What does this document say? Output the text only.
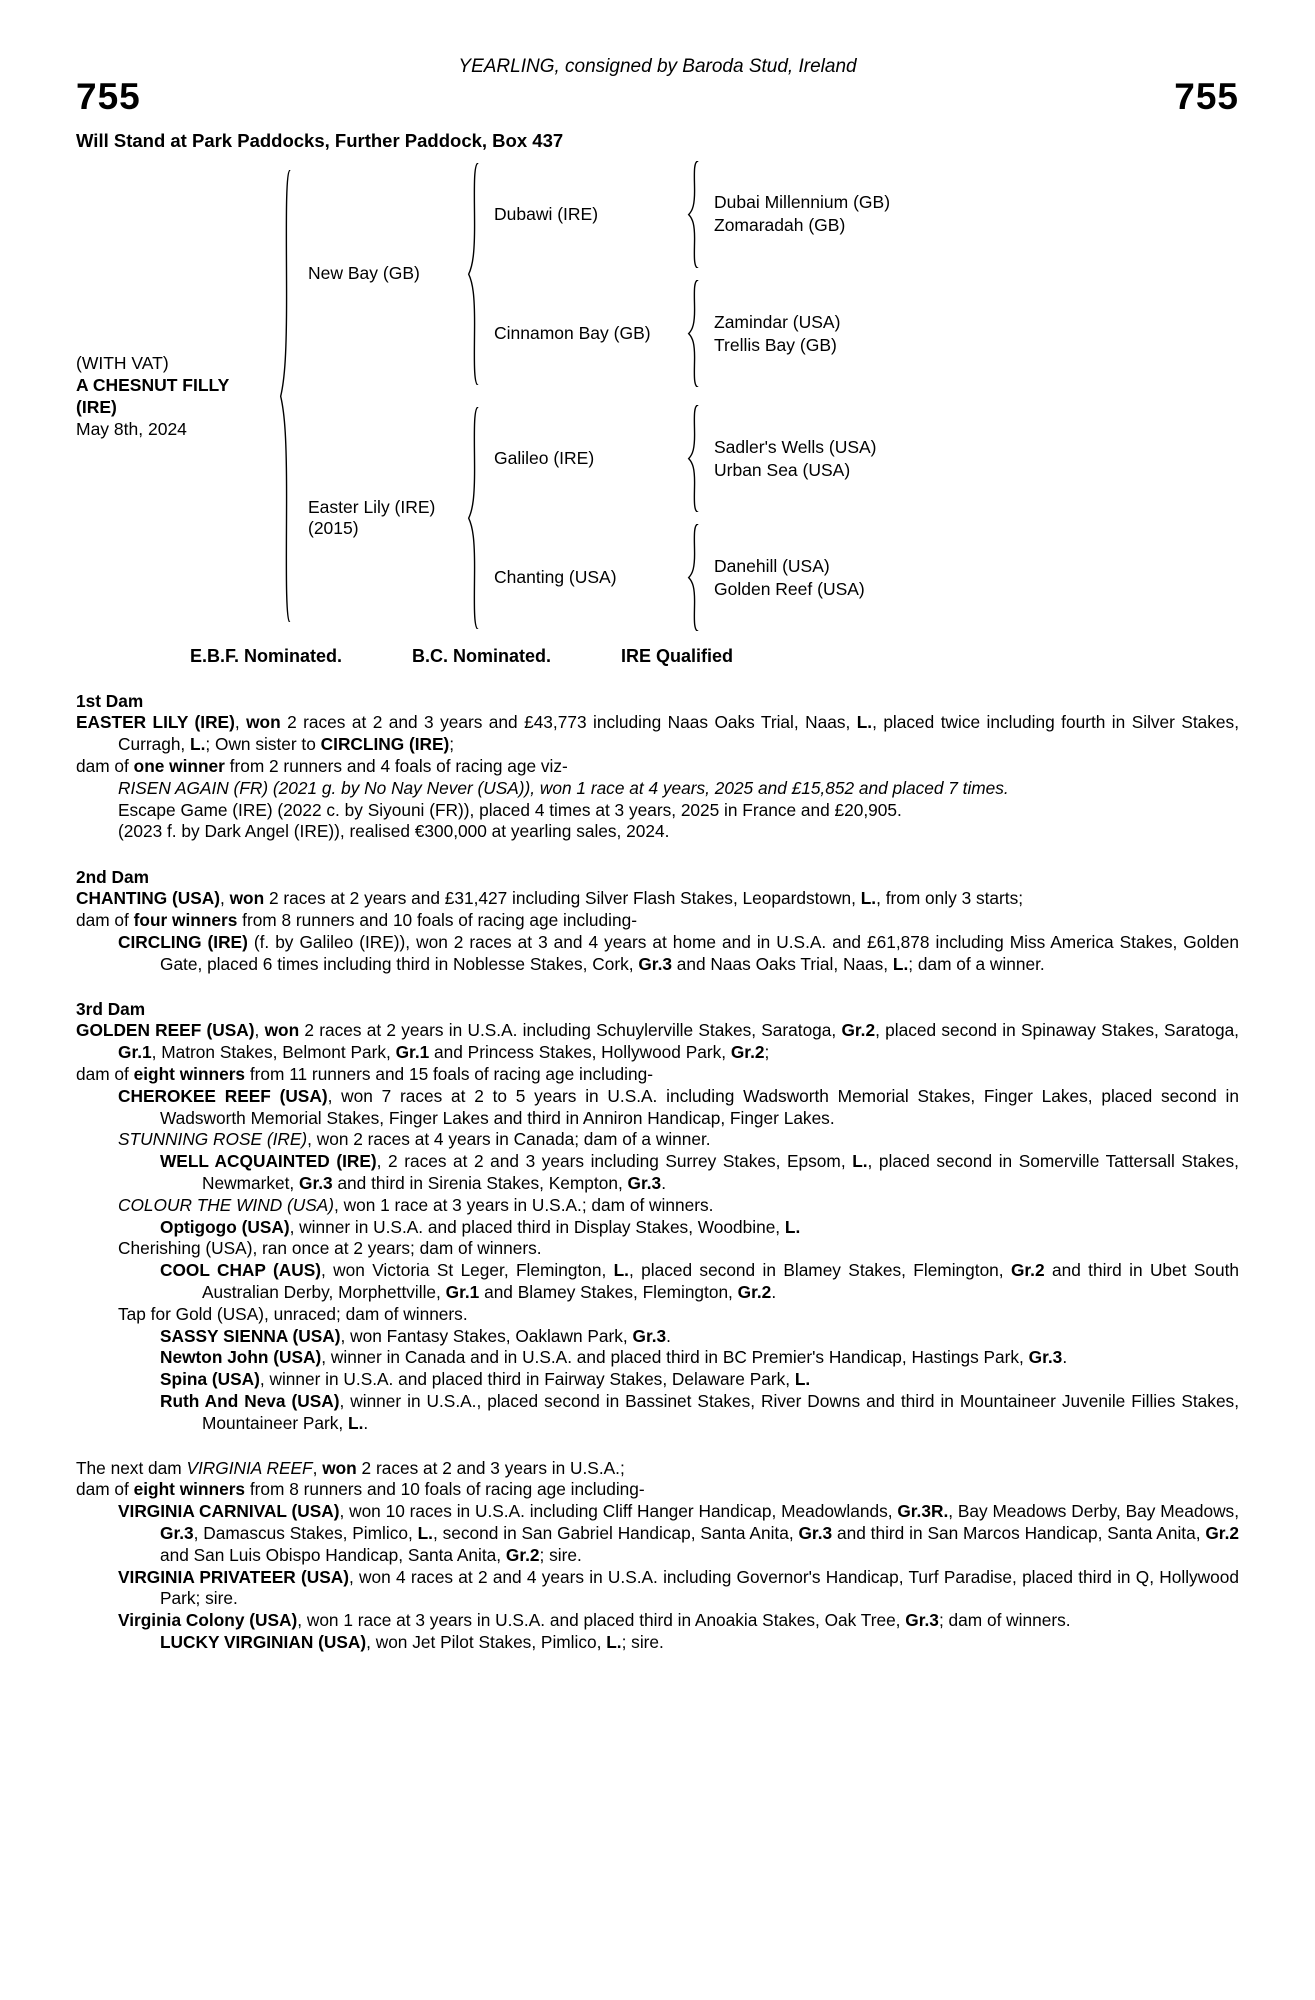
YEARLING, consigned by Baroda Stud, Ireland
755	755
Will Stand at Park Paddocks, Further Paddock, Box 437
(WITH VAT)
A CHESNUT FILLY
(IRE)
May 8th, 2024
New Bay (GB)
Dubawi (IRE)
Dubai Millennium (GB)
Zomaradah (GB)
Cinnamon Bay (GB)
Zamindar (USA)
Trellis Bay (GB)
Easter Lily (IRE)
(2015)
Galileo (IRE)
Sadler's Wells (USA)
Urban Sea (USA)
Chanting (USA)
Danehill (USA)
Golden Reef (USA)
E.B.F. Nominated.	B.C. Nominated.	IRE Qualified
1st Dam
EASTER LILY (IRE), won 2 races at 2 and 3 years and £43,773 including Naas Oaks Trial, Naas, L., placed twice including fourth in Silver Stakes, Curragh, L.; Own sister to CIRCLING (IRE);
dam of one winner from 2 runners and 4 foals of racing age viz-
RISEN AGAIN (FR) (2021 g. by No Nay Never (USA)), won 1 race at 4 years, 2025 and £15,852 and placed 7 times.
Escape Game (IRE) (2022 c. by Siyouni (FR)), placed 4 times at 3 years, 2025 in France and £20,905.
(2023 f. by Dark Angel (IRE)), realised €300,000 at yearling sales, 2024.
2nd Dam
CHANTING (USA), won 2 races at 2 years and £31,427 including Silver Flash Stakes, Leopardstown, L., from only 3 starts;
dam of four winners from 8 runners and 10 foals of racing age including-
CIRCLING (IRE) (f. by Galileo (IRE)), won 2 races at 3 and 4 years at home and in U.S.A. and £61,878 including Miss America Stakes, Golden Gate, placed 6 times including third in Noblesse Stakes, Cork, Gr.3 and Naas Oaks Trial, Naas, L.; dam of a winner.
3rd Dam
GOLDEN REEF (USA), won 2 races at 2 years in U.S.A. including Schuylerville Stakes, Saratoga, Gr.2, placed second in Spinaway Stakes, Saratoga, Gr.1, Matron Stakes, Belmont Park, Gr.1 and Princess Stakes, Hollywood Park, Gr.2;
dam of eight winners from 11 runners and 15 foals of racing age including-
CHEROKEE REEF (USA), won 7 races at 2 to 5 years in U.S.A. including Wadsworth Memorial Stakes, Finger Lakes, placed second in Wadsworth Memorial Stakes, Finger Lakes and third in Anniron Handicap, Finger Lakes.
STUNNING ROSE (IRE), won 2 races at 4 years in Canada; dam of a winner.
WELL ACQUAINTED (IRE), 2 races at 2 and 3 years including Surrey Stakes, Epsom, L., placed second in Somerville Tattersall Stakes, Newmarket, Gr.3 and third in Sirenia Stakes, Kempton, Gr.3.
COLOUR THE WIND (USA), won 1 race at 3 years in U.S.A.; dam of winners.
Optigogo (USA), winner in U.S.A. and placed third in Display Stakes, Woodbine, L.
Cherishing (USA), ran once at 2 years; dam of winners.
COOL CHAP (AUS), won Victoria St Leger, Flemington, L., placed second in Blamey Stakes, Flemington, Gr.2 and third in Ubet South Australian Derby, Morphettville, Gr.1 and Blamey Stakes, Flemington, Gr.2.
Tap for Gold (USA), unraced; dam of winners.
SASSY SIENNA (USA), won Fantasy Stakes, Oaklawn Park, Gr.3.
Newton John (USA), winner in Canada and in U.S.A. and placed third in BC Premier's Handicap, Hastings Park, Gr.3.
Spina (USA), winner in U.S.A. and placed third in Fairway Stakes, Delaware Park, L.
Ruth And Neva (USA), winner in U.S.A., placed second in Bassinet Stakes, River Downs and third in Mountaineer Juvenile Fillies Stakes, Mountaineer Park, L..
The next dam VIRGINIA REEF, won 2 races at 2 and 3 years in U.S.A.;
dam of eight winners from 8 runners and 10 foals of racing age including-
VIRGINIA CARNIVAL (USA), won 10 races in U.S.A. including Cliff Hanger Handicap, Meadowlands, Gr.3R., Bay Meadows Derby, Bay Meadows, Gr.3, Damascus Stakes, Pimlico, L., second in San Gabriel Handicap, Santa Anita, Gr.3 and third in San Marcos Handicap, Santa Anita, Gr.2 and San Luis Obispo Handicap, Santa Anita, Gr.2; sire.
VIRGINIA PRIVATEER (USA), won 4 races at 2 and 4 years in U.S.A. including Governor's Handicap, Turf Paradise, placed third in Q, Hollywood Park; sire.
Virginia Colony (USA), won 1 race at 3 years in U.S.A. and placed third in Anoakia Stakes, Oak Tree, Gr.3; dam of winners.
LUCKY VIRGINIAN (USA), won Jet Pilot Stakes, Pimlico, L.; sire.
